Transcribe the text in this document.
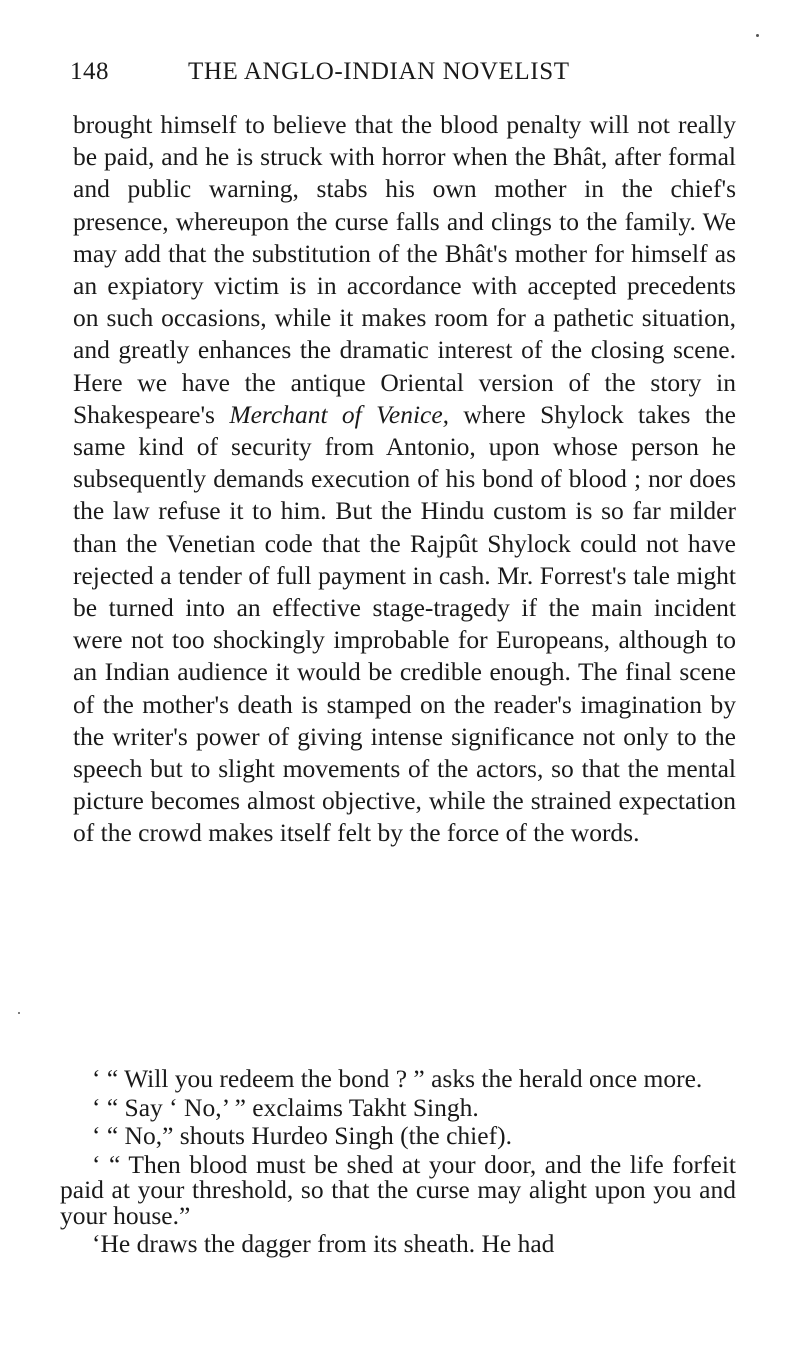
148	THE ANGLO-INDIAN NOVELIST

brought himself to believe that the blood penalty will not really be paid, and he is struck with horror when the Bhât, after formal and public warning, stabs his own mother in the chief's presence, whereupon the curse falls and clings to the family. We may add that the substitution of the Bhât's mother for himself as an expiatory victim is in accordance with accepted precedents on such occasions, while it makes room for a pathetic situation, and greatly enhances the dramatic interest of the closing scene. Here we have the antique Oriental version of the story in Shakespeare's Merchant of Venice, where Shylock takes the same kind of security from Antonio, upon whose person he subsequently demands execution of his bond of blood ; nor does the law refuse it to him. But the Hindu custom is so far milder than the Venetian code that the Rajpût Shylock could not have rejected a tender of full payment in cash. Mr. Forrest's tale might be turned into an effective stage-tragedy if the main incident were not too shockingly improbable for Europeans, although to an Indian audience it would be credible enough. The final scene of the mother's death is stamped on the reader's imagination by the writer's power of giving intense significance not only to the speech but to slight movements of the actors, so that the mental picture becomes almost objective, while the strained expectation of the crowd makes itself felt by the force of the words.

‘ “ Will you redeem the bond ? ” asks the herald once more.

‘ “ Say ‘ No,’ ” exclaims Takht Singh.

‘ “ No,” shouts Hurdeo Singh (the chief).

‘ “ Then blood must be shed at your door, and the life forfeit paid at your threshold, so that the curse may alight upon you and your house.”

‘He draws the dagger from its sheath. He had
